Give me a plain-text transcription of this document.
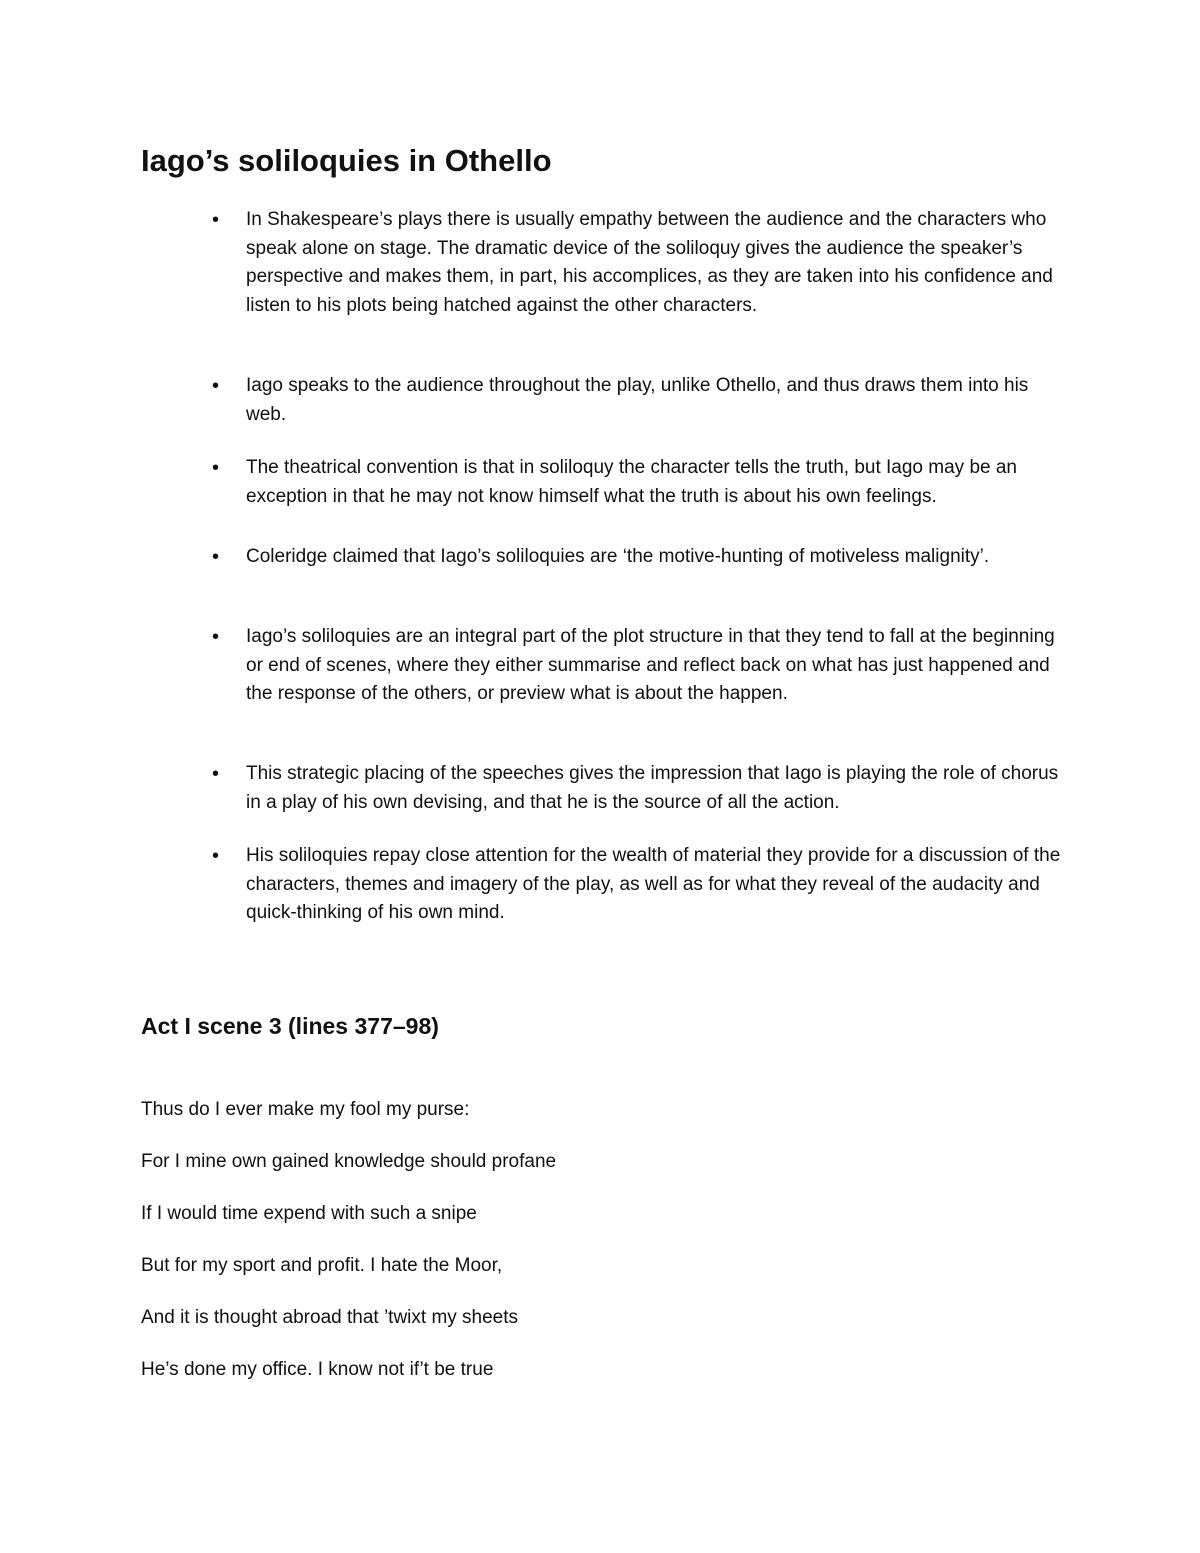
Iago’s soliloquies in Othello
• In Shakespeare’s plays there is usually empathy between the audience and the characters who speak alone on stage. The dramatic device of the soliloquy gives the audience the speaker’s perspective and makes them, in part, his accomplices, as they are taken into his confidence and listen to his plots being hatched against the other characters.
• Iago speaks to the audience throughout the play, unlike Othello, and thus draws them into his web.
• The theatrical convention is that in soliloquy the character tells the truth, but Iago may be an exception in that he may not know himself what the truth is about his own feelings.
• Coleridge claimed that Iago’s soliloquies are ‘the motive-hunting of motiveless malignity’.
• Iago’s soliloquies are an integral part of the plot structure in that they tend to fall at the beginning or end of scenes, where they either summarise and reflect back on what has just happened and the response of the others, or preview what is about the happen.
• This strategic placing of the speeches gives the impression that Iago is playing the role of chorus in a play of his own devising, and that he is the source of all the action.
• His soliloquies repay close attention for the wealth of material they provide for a discussion of the characters, themes and imagery of the play, as well as for what they reveal of the audacity and quick-thinking of his own mind.
Act I scene 3 (lines 377–98)

Thus do I ever make my fool my purse:

For I mine own gained knowledge should profane

If I would time expend with such a snipe

But for my sport and profit. I hate the Moor,

And it is thought abroad that ’twixt my sheets

He’s done my office. I know not if’t be true
